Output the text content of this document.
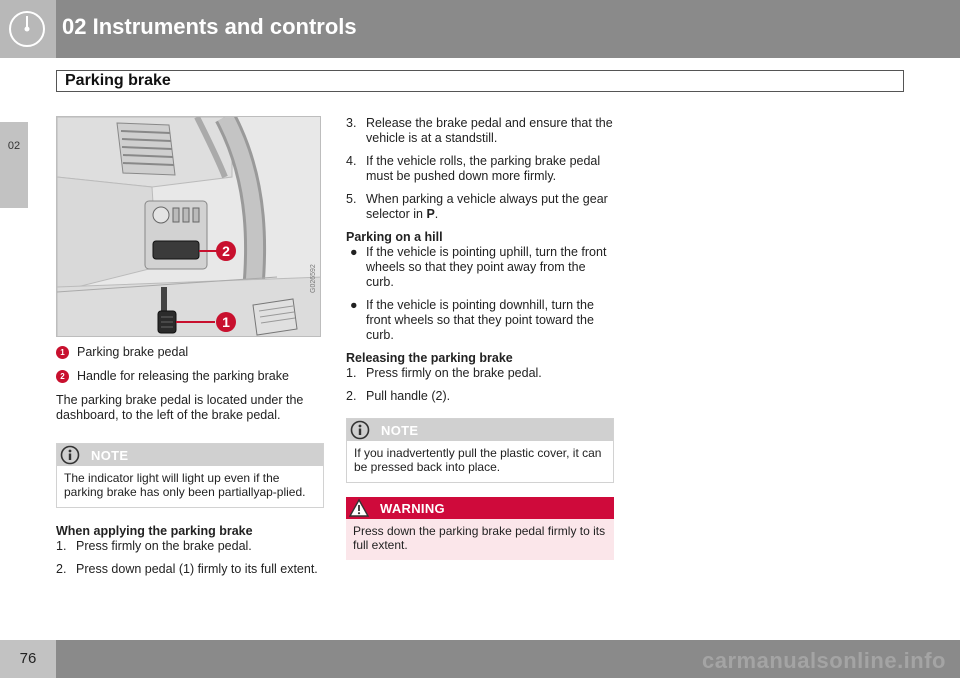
02 Instruments and controls
Parking brake
02
2
1
G026592
1 Parking brake pedal
2 Handle for releasing the parking brake

The parking brake pedal is located under the dashboard, to the left of the brake pedal.

NOTE
The indicator light will light up even if the parking brake has only been partiallyap-plied.

When applying the parking brake

1. Press firmly on the brake pedal.
2. Press down pedal (1) firmly to its full extent.
3. Release the brake pedal and ensure that the vehicle is at a standstill.
4. If the vehicle rolls, the parking brake pedal must be pushed down more firmly.
5. When parking a vehicle always put the gear selector in P.

Parking on a hill

● If the vehicle is pointing uphill, turn the front wheels so that they point away from the curb.
● If the vehicle is pointing downhill, turn the front wheels so that they point toward the curb.

Releasing the parking brake

1. Press firmly on the brake pedal.
2. Pull handle (2).
NOTE
If you inadvertently pull the plastic cover, it can be pressed back into place.
WARNING
Press down the parking brake pedal firmly to its full extent.
carmanualsonline.info
76
